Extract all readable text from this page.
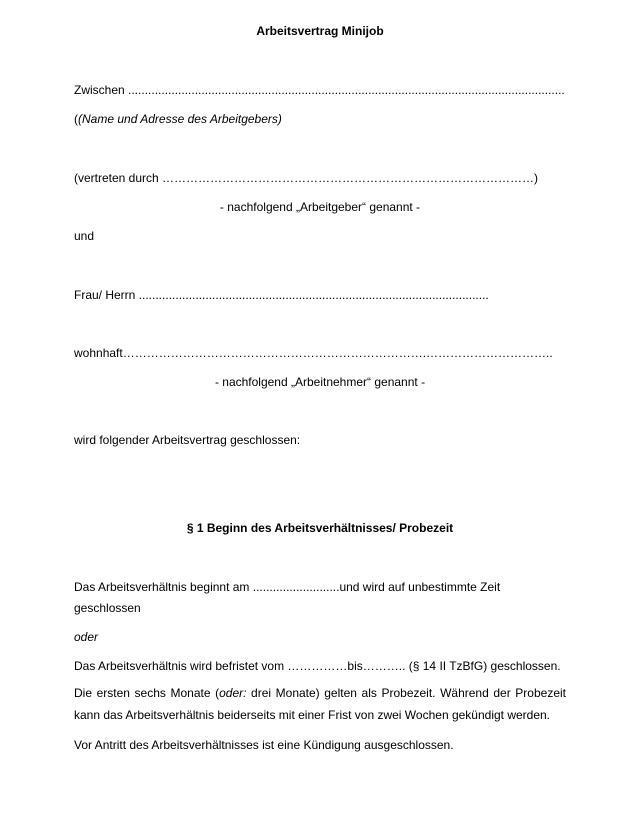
Arbeitsvertrag Minijob
Zwischen ...................................................................................................................................
((Name und Adresse des Arbeitgebers)
(vertreten durch …………………………………………………………………………………)
- nachfolgend „Arbeitgeber“ genannt -
und
Frau/ Herrn .........................................................................................................
wohnhaft………………………………………………………………….…………………………..
- nachfolgend „Arbeitnehmer“ genannt -
wird folgender Arbeitsvertrag geschlossen:
§ 1 Beginn des Arbeitsverhältnisses/ Probezeit
Das Arbeitsverhältnis beginnt am ..........................und wird auf unbestimmte Zeit
geschlossen
oder
Das Arbeitsverhältnis wird befristet vom ……………bis……….. (§ 14 II TzBfG) geschlossen.
Die ersten sechs Monate (oder: drei Monate) gelten als Probezeit. Während der Probezeit kann das Arbeitsverhältnis beiderseits mit einer Frist von zwei Wochen gekündigt werden.
Vor Antritt des Arbeitsverhältnisses ist eine Kündigung ausgeschlossen.
